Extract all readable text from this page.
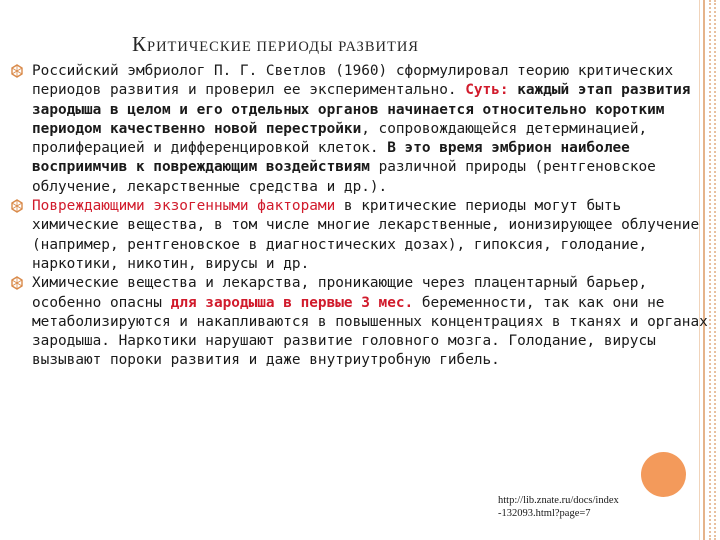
КРИТИЧЕСКИЕ ПЕРИОДЫ РАЗВИТИЯ
Российский эмбриолог П. Г. Светлов (1960) сформулировал теорию критических периодов развития и проверил ее экспериментально. Суть: каждый этап развития зародыша в целом и его отдельных органов начинается относительно коротким периодом качественно новой перестройки, сопровождающейся детерминацией, пролиферацией и дифференцировкой клеток. В это время эмбрион наиболее восприимчив к повреждающим воздействиям различной природы (рентгеновское облучение, лекарственные средства и др.).
Повреждающими экзогенными факторами в критические периоды могут быть химические вещества, в том числе многие лекарственные, ионизирующее облучение (например, рентгеновское в диагностических дозах), гипоксия, голодание, наркотики, никотин, вирусы и др.
Химические вещества и лекарства, проникающие через плацентарный барьер, особенно опасны для зародыша в первые 3 мес. беременности, так как они не метаболизируются и накапливаются в повышенных концентрациях в тканях и органах зародыша. Наркотики нарушают развитие головного мозга. Голодание, вирусы вызывают пороки развития и даже внутриутробную гибель.
http://lib.znate.ru/docs/index
-132093.html?page=7
